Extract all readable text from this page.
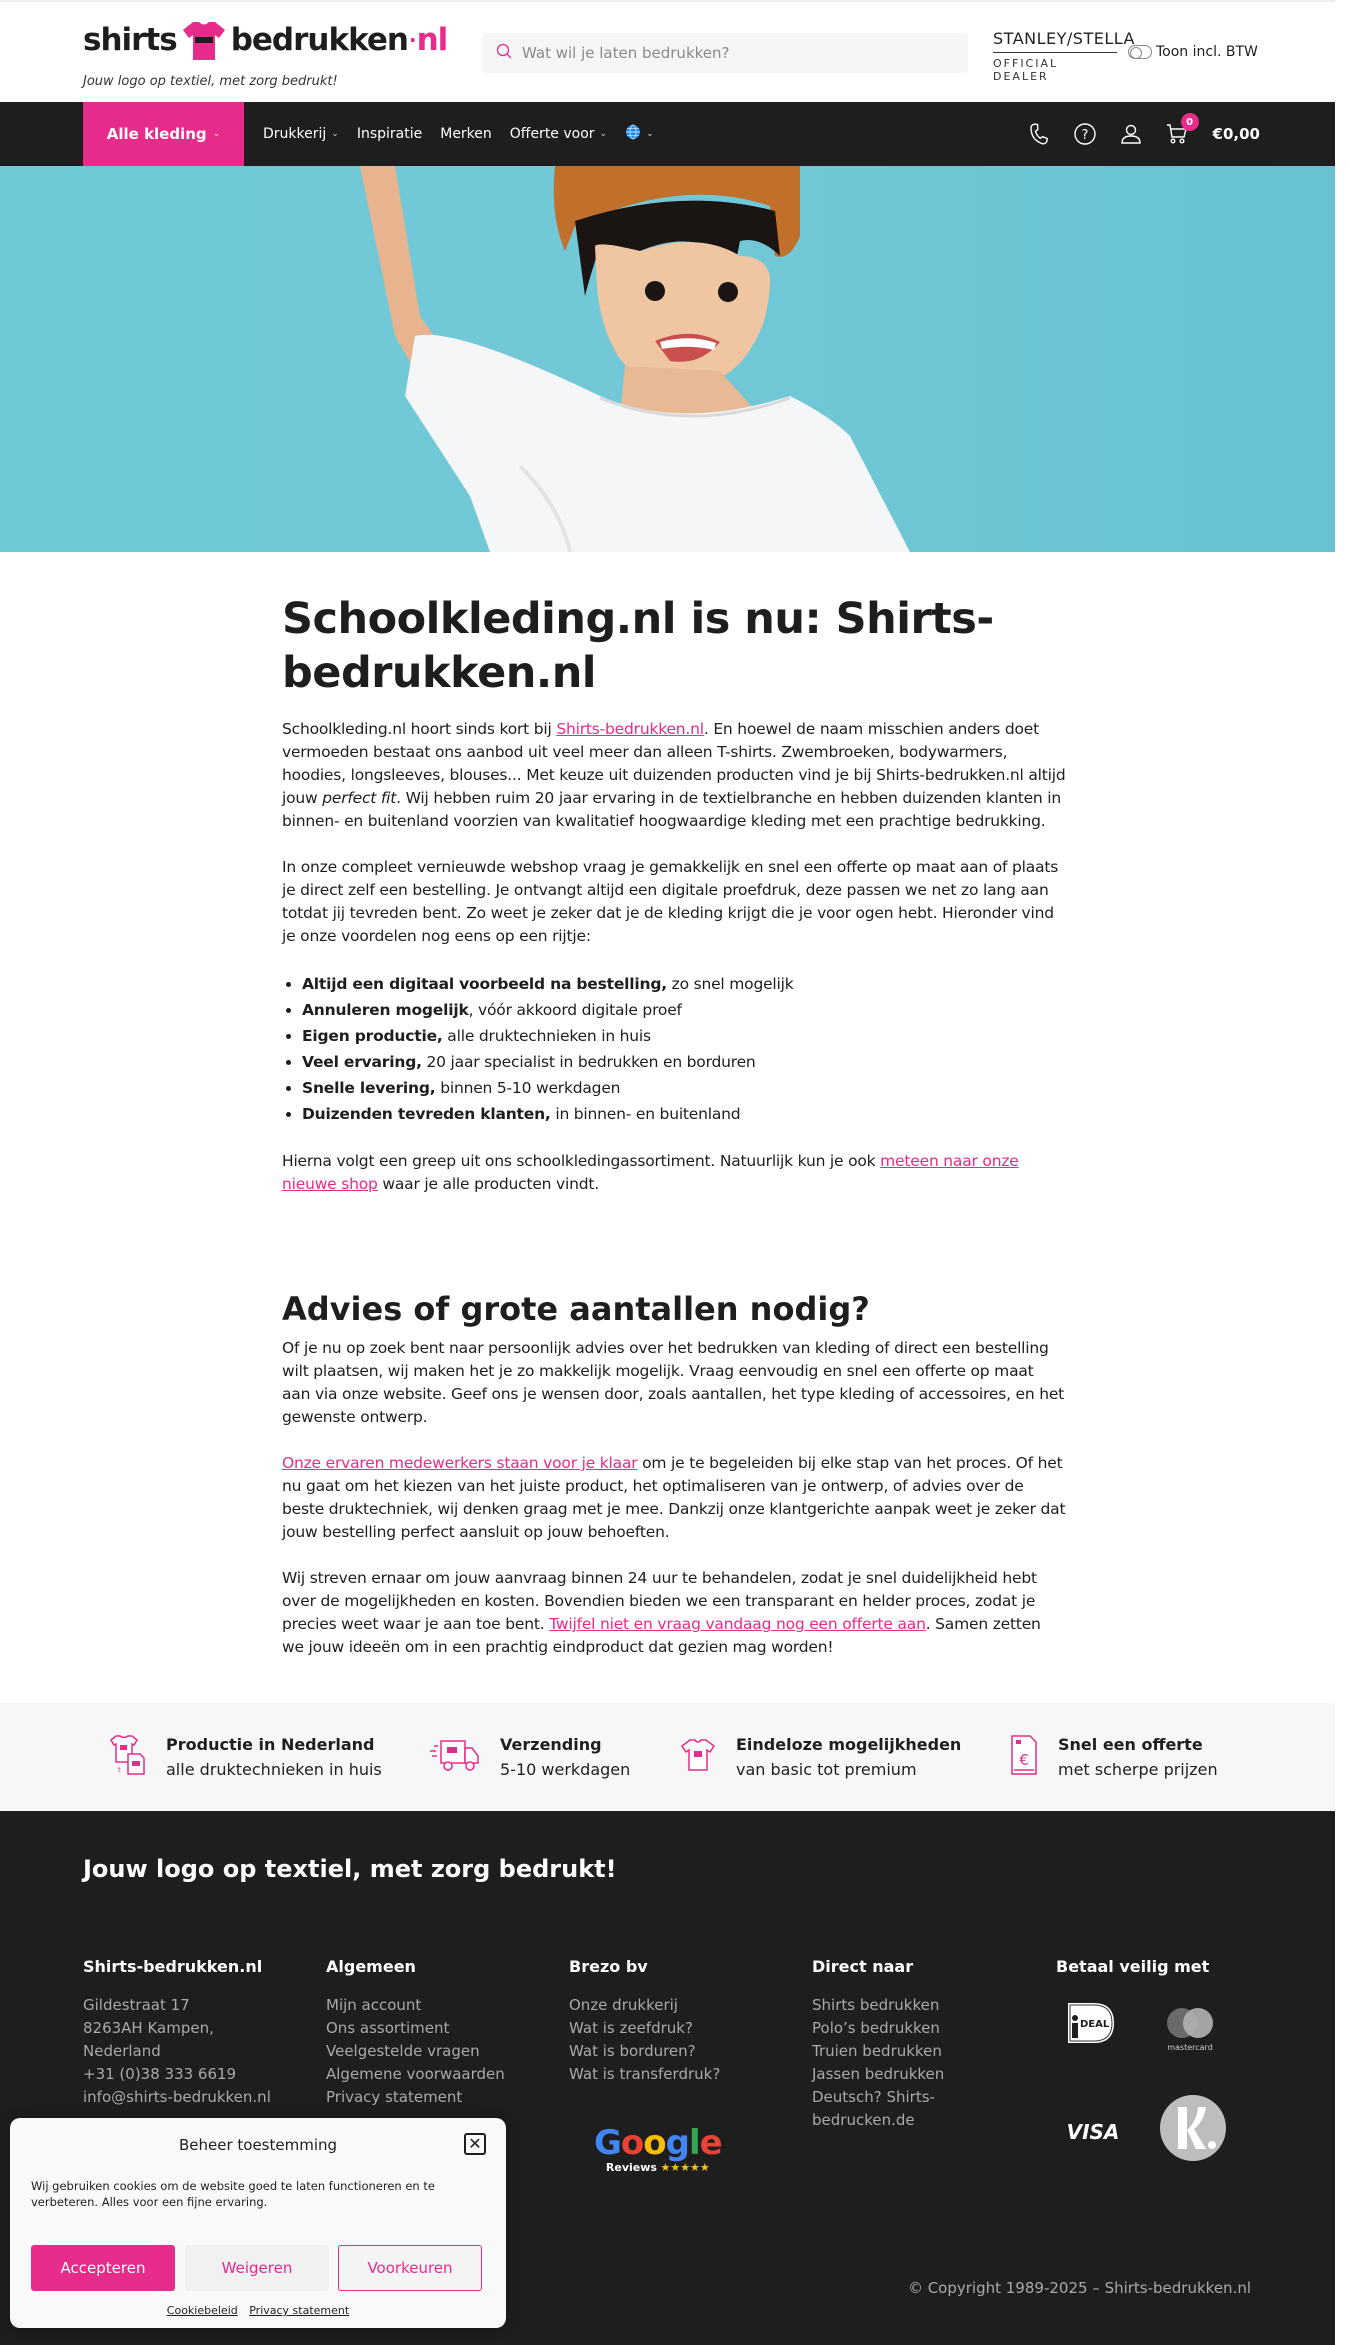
shirts bedrukken · nl
Jouw logo op textiel, met zorg bedrukt!
Wat wil je laten bedrukken?
STANLEY/STELLA
OFFICIAL DEALER
Toon incl. BTW
Alle kleding ⌄	Drukkerij ⌄ Inspiratie Merken Offerte voor ⌄	⌄	?
0
€0,00
Schoolkleding.nl is nu: Shirts-bedrukken.nl

Schoolkleding.nl hoort sinds kort bij Shirts-bedrukken.nl. En hoewel de naam misschien anders doet vermoeden bestaat ons aanbod uit veel meer dan alleen T-shirts. Zwembroeken, bodywarmers, hoodies, longsleeves, blouses... Met keuze uit duizenden producten vind je bij Shirts-bedrukken.nl altijd jouw perfect fit. Wij hebben ruim 20 jaar ervaring in de textielbranche en hebben duizenden klanten in binnen- en buitenland voorzien van kwalitatief hoogwaardige kleding met een prachtige bedrukking.

In onze compleet vernieuwde webshop vraag je gemakkelijk en snel een offerte op maat aan of plaats je direct zelf een bestelling. Je ontvangt altijd een digitale proefdruk, deze passen we net zo lang aan totdat jij tevreden bent. Zo weet je zeker dat je de kleding krijgt die je voor ogen hebt. Hieronder vind je onze voordelen nog eens op een rijtje:

• Altijd een digitaal voorbeeld na bestelling, zo snel mogelijk
• Annuleren mogelijk, vóór akkoord digitale proef
• Eigen productie, alle druktechnieken in huis
• Veel ervaring, 20 jaar specialist in bedrukken en borduren
• Snelle levering, binnen 5-10 werkdagen
• Duizenden tevreden klanten, in binnen- en buitenland

Hierna volgt een greep uit ons schoolkledingassortiment. Natuurlijk kun je ook meteen naar onze nieuwe shop waar je alle producten vindt.

Advies of grote aantallen nodig?

Of je nu op zoek bent naar persoonlijk advies over het bedrukken van kleding of direct een bestelling wilt plaatsen, wij maken het je zo makkelijk mogelijk. Vraag eenvoudig en snel een offerte op maat aan via onze website. Geef ons je wensen door, zoals aantallen, het type kleding of accessoires, en het gewenste ontwerp.

Onze ervaren medewerkers staan voor je klaar om je te begeleiden bij elke stap van het proces. Of het nu gaat om het kiezen van het juiste product, het optimaliseren van je ontwerp, of advies over de beste druktechniek, wij denken graag met je mee. Dankzij onze klantgerichte aanpak weet je zeker dat jouw bestelling perfect aansluit op jouw behoeften.

Wij streven ernaar om jouw aanvraag binnen 24 uur te behandelen, zodat je snel duidelijkheid hebt over de mogelijkheden en kosten. Bovendien bieden we een transparant en helder proces, zodat je precies weet waar je aan toe bent. Twijfel niet en vraag vandaag nog een offerte aan. Samen zetten we jouw ideeën om in een prachtig eindproduct dat gezien mag worden!

t
Productie in Nederland
alle druktechnieken in huis
Verzending
5-10 werkdagen
Eindeloze mogelijkheden
van basic tot premium	€
Snel een offerte
met scherpe prijzen
Jouw logo op textiel, met zorg bedrukt!
Shirts-bedrukken.nl
Gildestraat 17
8263AH Kampen,
Nederland
+31 (0)38 333 6619
info@shirts-bedrukken.nl
Algemeen
Mijn account
Ons assortiment
Veelgestelde vragen
Algemene voorwaarden
Privacy statement
Brezo bv
Onze drukkerij
Wat is zeefdruk?
Wat is borduren?
Wat is transferdruk?
Direct naar
Shirts bedrukken
Polo’s bedrukken
Truien bedrukken
Jassen bedrukken
Deutsch? Shirts-bedrucken.de
Betaal veilig met
Google
Reviews ★★★★★
DEAL
mastercard
VISA
© Copyright 1989-2025 – Shirts-bedrukken.nl
Beheer toestemming	✕
Wij gebruiken cookies om de website goed te laten functioneren en te verbeteren. Alles voor een fijne ervaring.
Accepteren	Weigeren	Voorkeuren
Cookiebeleid Privacy statement
